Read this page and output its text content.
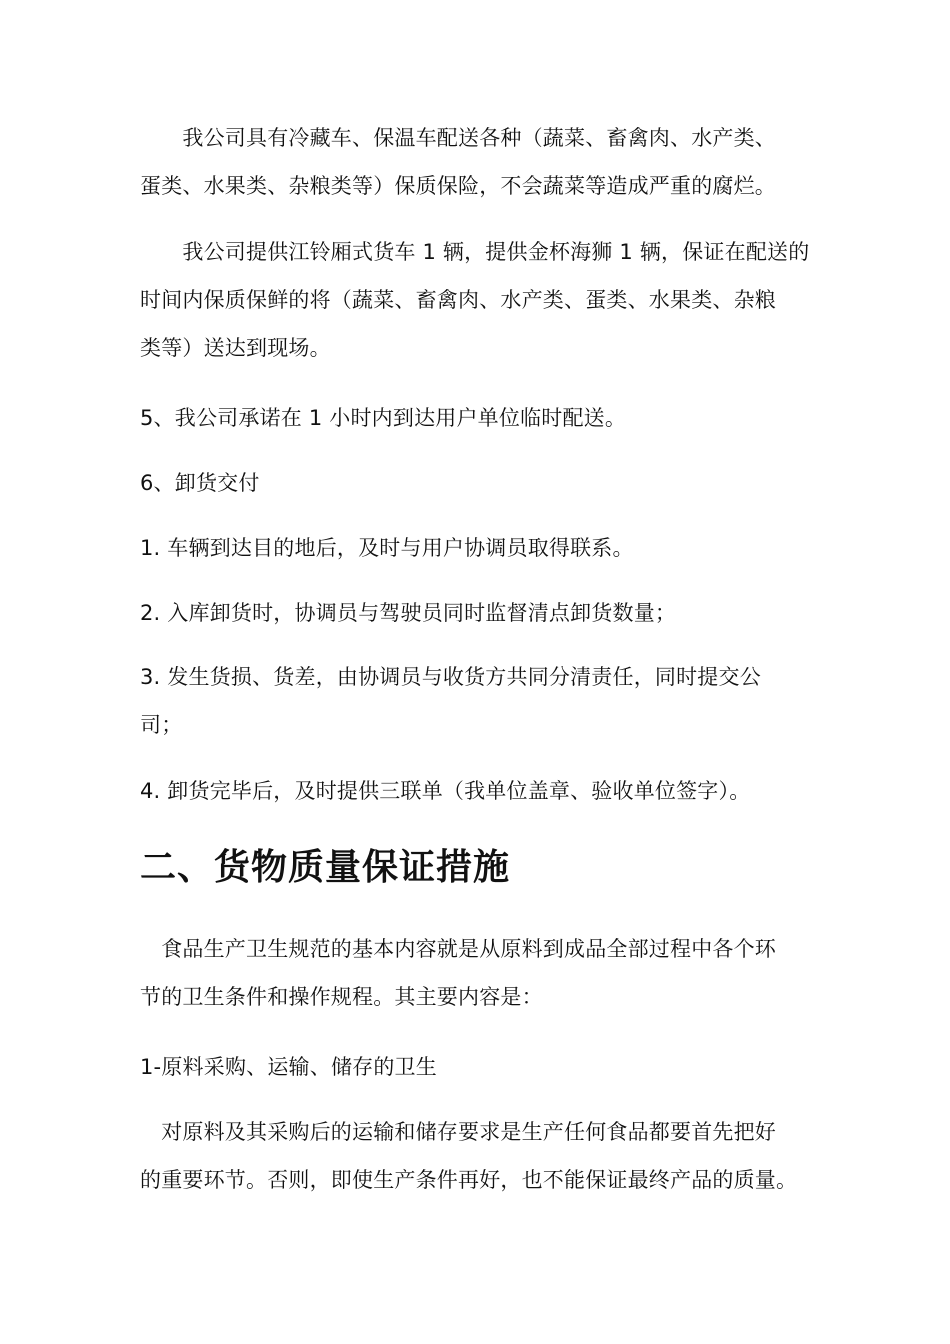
　　我公司具有冷藏车、保温车配送各种（蔬菜、畜禽肉、水产类、
蛋类、水果类、杂粮类等）保质保险，不会蔬菜等造成严重的腐烂。

　　我公司提供江铃厢式货车 1 辆，提供金杯海狮 1 辆，保证在配送的
时间内保质保鲜的将（蔬菜、畜禽肉、水产类、蛋类、水果类、杂粮
类等）送达到现场。

5、我公司承诺在 1 小时内到达用户单位临时配送。

6、卸货交付

1. 车辆到达目的地后，及时与用户协调员取得联系。

2. 入库卸货时，协调员与驾驶员同时监督清点卸货数量；

3. 发生货损、货差，由协调员与收货方共同分清责任，同时提交公
司；

4. 卸货完毕后，及时提供三联单（我单位盖章、验收单位签字）。

二、货物质量保证措施

　食品生产卫生规范的基本内容就是从原料到成品全部过程中各个环
节的卫生条件和操作规程。其主要内容是：

1-原料采购、运输、储存的卫生

　对原料及其采购后的运输和储存要求是生产任何食品都要首先把好
的重要环节。否则，即使生产条件再好，也不能保证最终产品的质量。
